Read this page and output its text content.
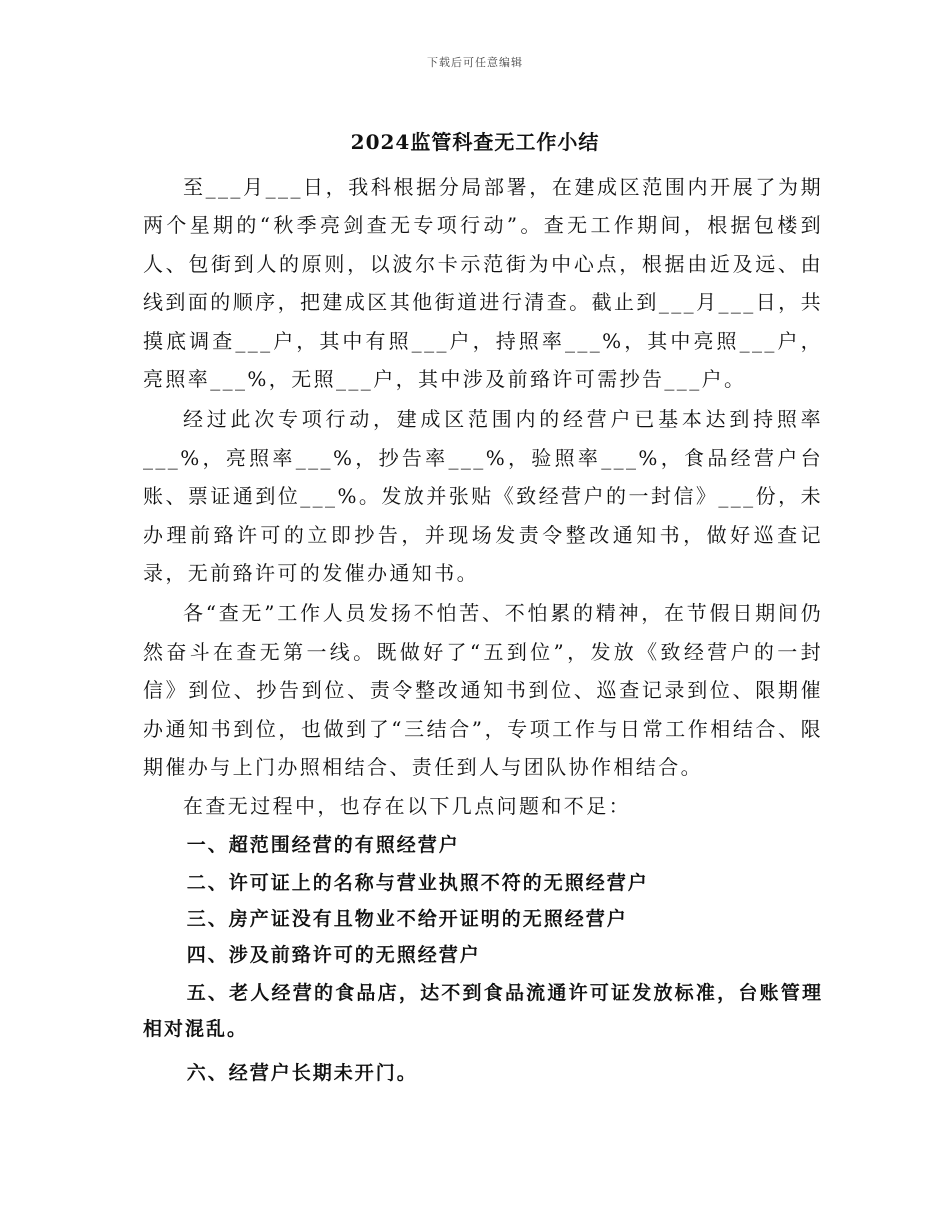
下载后可任意编辑
2024监管科查无工作小结

至___月___日，我科根据分局部署，在建成区范围内开展了为期两个星期的“秋季亮剑查无专项行动”。查无工作期间，根据包楼到人、包街到人的原则，以波尔卡示范街为中心点，根据由近及远、由线到面的顺序，把建成区其他街道进行清查。截止到___月___日，共摸底调查___户，其中有照___户，持照率___%，其中亮照___户，亮照率___%，无照___户，其中涉及前臵许可需抄告___户。

经过此次专项行动，建成区范围内的经营户已基本达到持照率___%，亮照率___%，抄告率___%，验照率___%，食品经营户台账、票证通到位___%。发放并张贴《致经营户的一封信》___份，未办理前臵许可的立即抄告，并现场发责令整改通知书，做好巡查记录，无前臵许可的发催办通知书。

各“查无”工作人员发扬不怕苦、不怕累的精神，在节假日期间仍然奋斗在查无第一线。既做好了“五到位”，发放《致经营户的一封信》到位、抄告到位、责令整改通知书到位、巡查记录到位、限期催办通知书到位，也做到了“三结合”，专项工作与日常工作相结合、限期催办与上门办照相结合、责任到人与团队协作相结合。

在查无过程中，也存在以下几点问题和不足：

一、超范围经营的有照经营户

二、许可证上的名称与营业执照不符的无照经营户

三、房产证没有且物业不给开证明的无照经营户

四、涉及前臵许可的无照经营户

五、老人经营的食品店，达不到食品流通许可证发放标准，台账管理相对混乱。

六、经营户长期未开门。
